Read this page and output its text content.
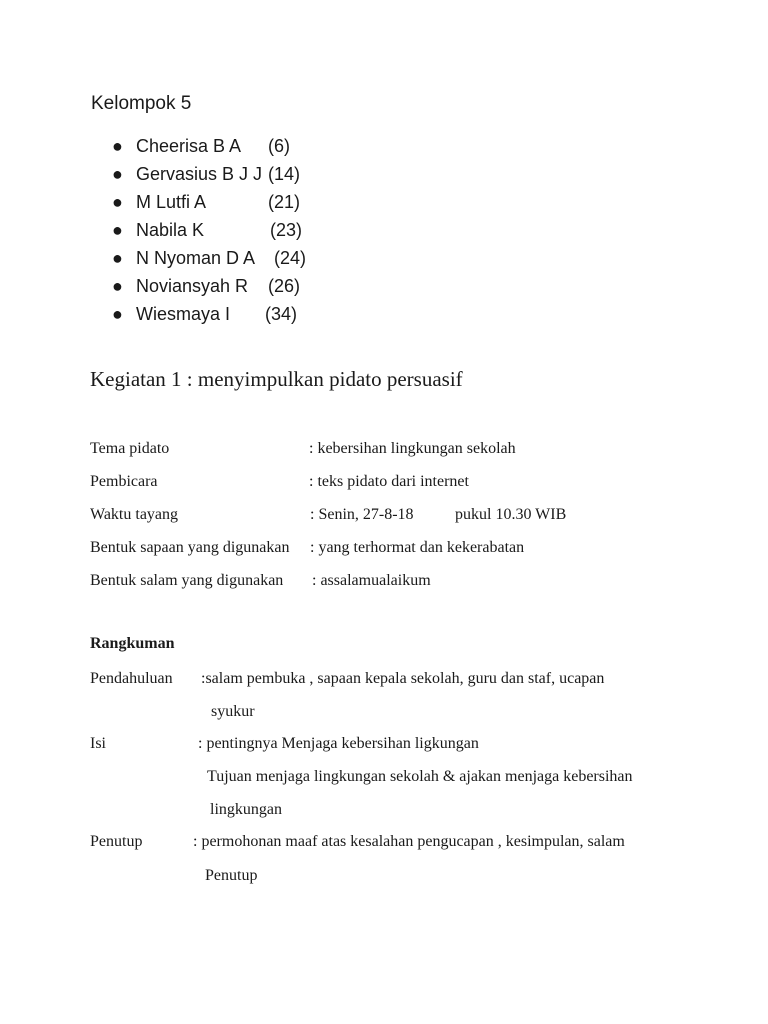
Kelompok 5
● Cheerisa B A (6)
● Gervasius B J J (14)
● M Lutfi A	(21)
● Nabila K	(23)
● N Nyoman D A (24)
● Noviansyah R (26)
● Wiesmaya I (34)
Kegiatan 1 : menyimpulkan pidato persuasif
Tema pidato	: kebersihan lingkungan sekolah
Pembicara	: teks pidato dari internet
Waktu tayang	: Senin, 27-8-18	pukul 10.30 WIB
Bentuk sapaan yang digunakan : yang terhormat dan kekerabatan
Bentuk salam yang digunakan : assalamualaikum
Rangkuman
Pendahuluan :salam pembuka , sapaan kepala sekolah, guru dan staf, ucapan
syukur
Isi	: pentingnya Menjaga kebersihan ligkungan
Tujuan menjaga lingkungan sekolah & ajakan menjaga kebersihan
lingkungan
Penutup	: permohonan maaf atas kesalahan pengucapan , kesimpulan, salam
Penutup
